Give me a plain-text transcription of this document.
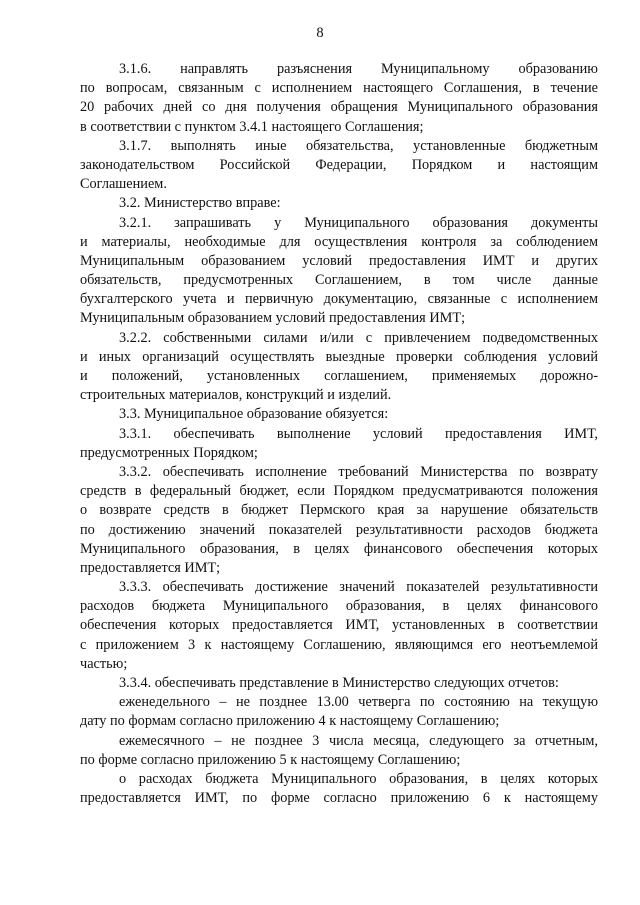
8
3.1.6. направлять разъяснения Муниципальному образованию
по вопросам, связанным с исполнением настоящего Соглашения, в течение
20 рабочих дней со дня получения обращения Муниципального образования
в соответствии с пунктом 3.4.1 настоящего Соглашения;
3.1.7. выполнять иные обязательства, установленные бюджетным
законодательством Российской Федерации, Порядком и настоящим
Соглашением.
3.2. Министерство вправе:
3.2.1. запрашивать у Муниципального образования документы
и материалы, необходимые для осуществления контроля за соблюдением
Муниципальным образованием условий предоставления ИМТ и других
обязательств, предусмотренных Соглашением, в том числе данные
бухгалтерского учета и первичную документацию, связанные с исполнением
Муниципальным образованием условий предоставления ИМТ;
3.2.2. собственными силами и/или с привлечением подведомственных
и иных организаций осуществлять выездные проверки соблюдения условий
и положений, установленных соглашением, применяемых дорожно-
строительных материалов, конструкций и изделий.
3.3. Муниципальное образование обязуется:
3.3.1. обеспечивать выполнение условий предоставления ИМТ,
предусмотренных Порядком;
3.3.2. обеспечивать исполнение требований Министерства по возврату
средств в федеральный бюджет, если Порядком предусматриваются положения
о возврате средств в бюджет Пермского края за нарушение обязательств
по достижению значений показателей результативности расходов бюджета
Муниципального образования, в целях финансового обеспечения которых
предоставляется ИМТ;
3.3.3. обеспечивать достижение значений показателей результативности
расходов бюджета Муниципального образования, в целях финансового
обеспечения которых предоставляется ИМТ, установленных в соответствии
с приложением 3 к настоящему Соглашению, являющимся его неотъемлемой
частью;
3.3.4. обеспечивать представление в Министерство следующих отчетов:
еженедельного – не позднее 13.00 четверга по состоянию на текущую
дату по формам согласно приложению 4 к настоящему Соглашению;
ежемесячного – не позднее 3 числа месяца, следующего за отчетным,
по форме согласно приложению 5 к настоящему Соглашению;
о расходах бюджета Муниципального образования, в целях которых
предоставляется ИМТ, по форме согласно приложению 6 к настоящему
